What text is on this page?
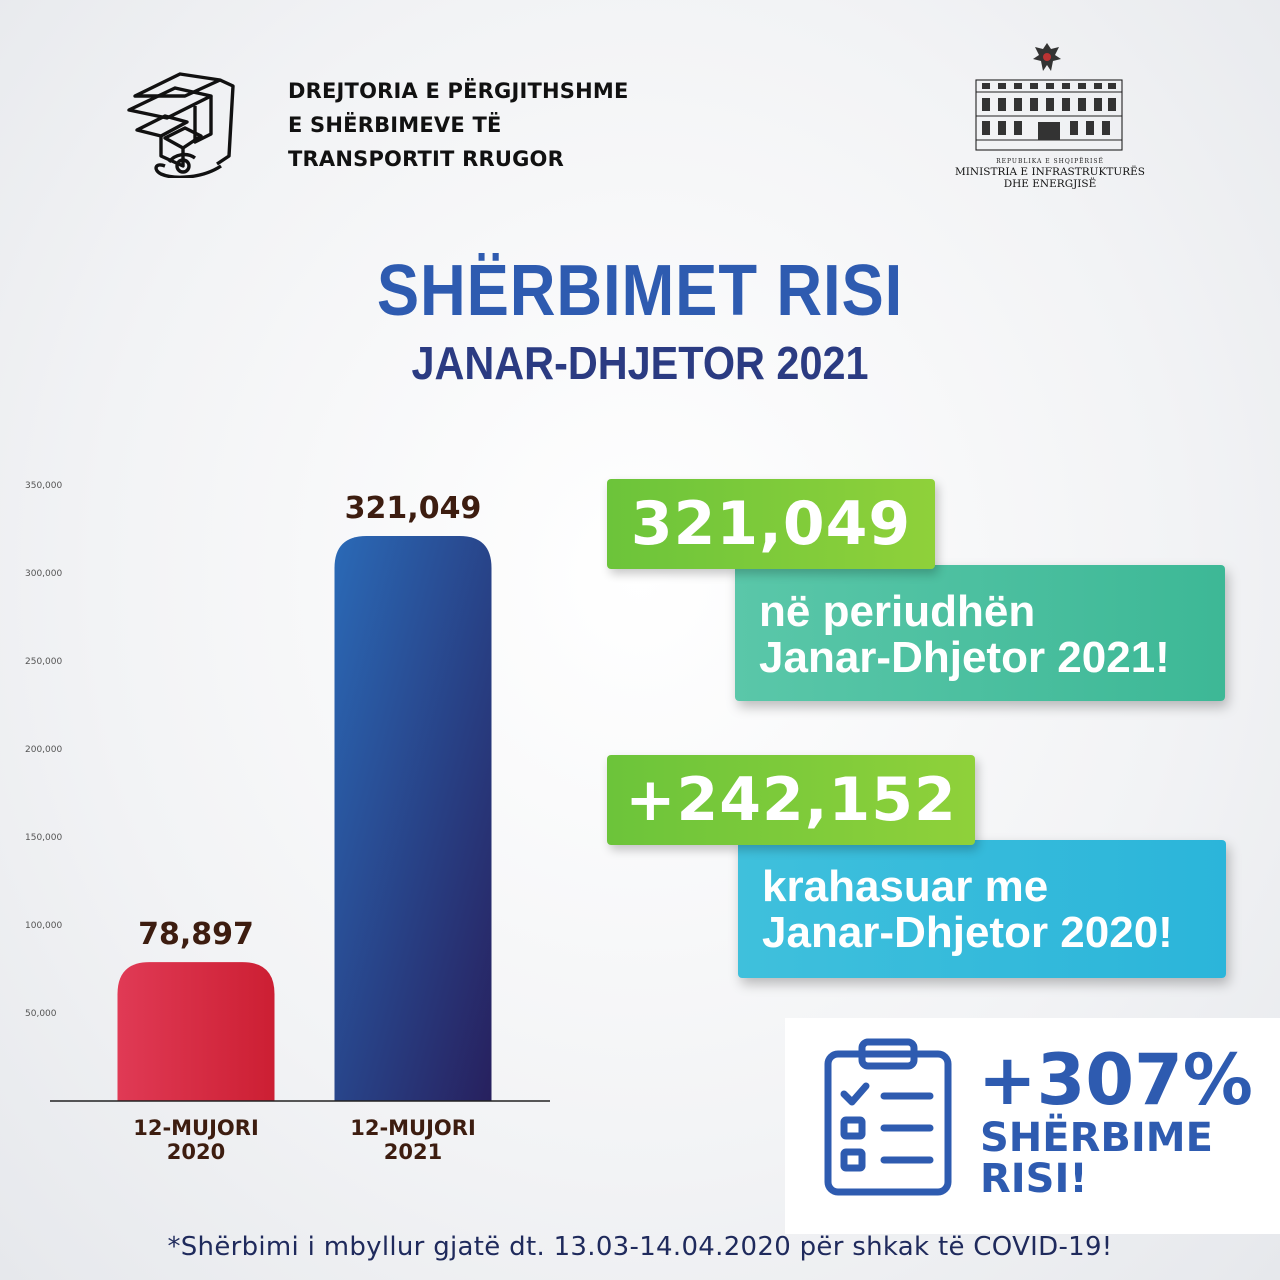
DREJTORIA E PËRGJITHSHME
E SHËRBIMEVE TË
TRANSPORTIT RRUGOR	REPUBLIKA E SHQIPËRISË
MINISTRIA E INFRASTRUKTURËS
DHE ENERGJISË
SHËRBIMET RISI
JANAR-DHJETOR 2021
50,000
100,000
150,000
200,000
250,000
300,000
350,000
78,897
12-MUJORI
2020
321,049
12-MUJORI
2021
në periudhën
Janar-Dhjetor 2021!
321,049
krahasuar me
Janar-Dhjetor 2020!
+242,152

+307%

SHËRBIME
RISI!

*Shërbimi i mbyllur gjatë dt. 13.03-14.04.2020 për shkak të COVID-19!
